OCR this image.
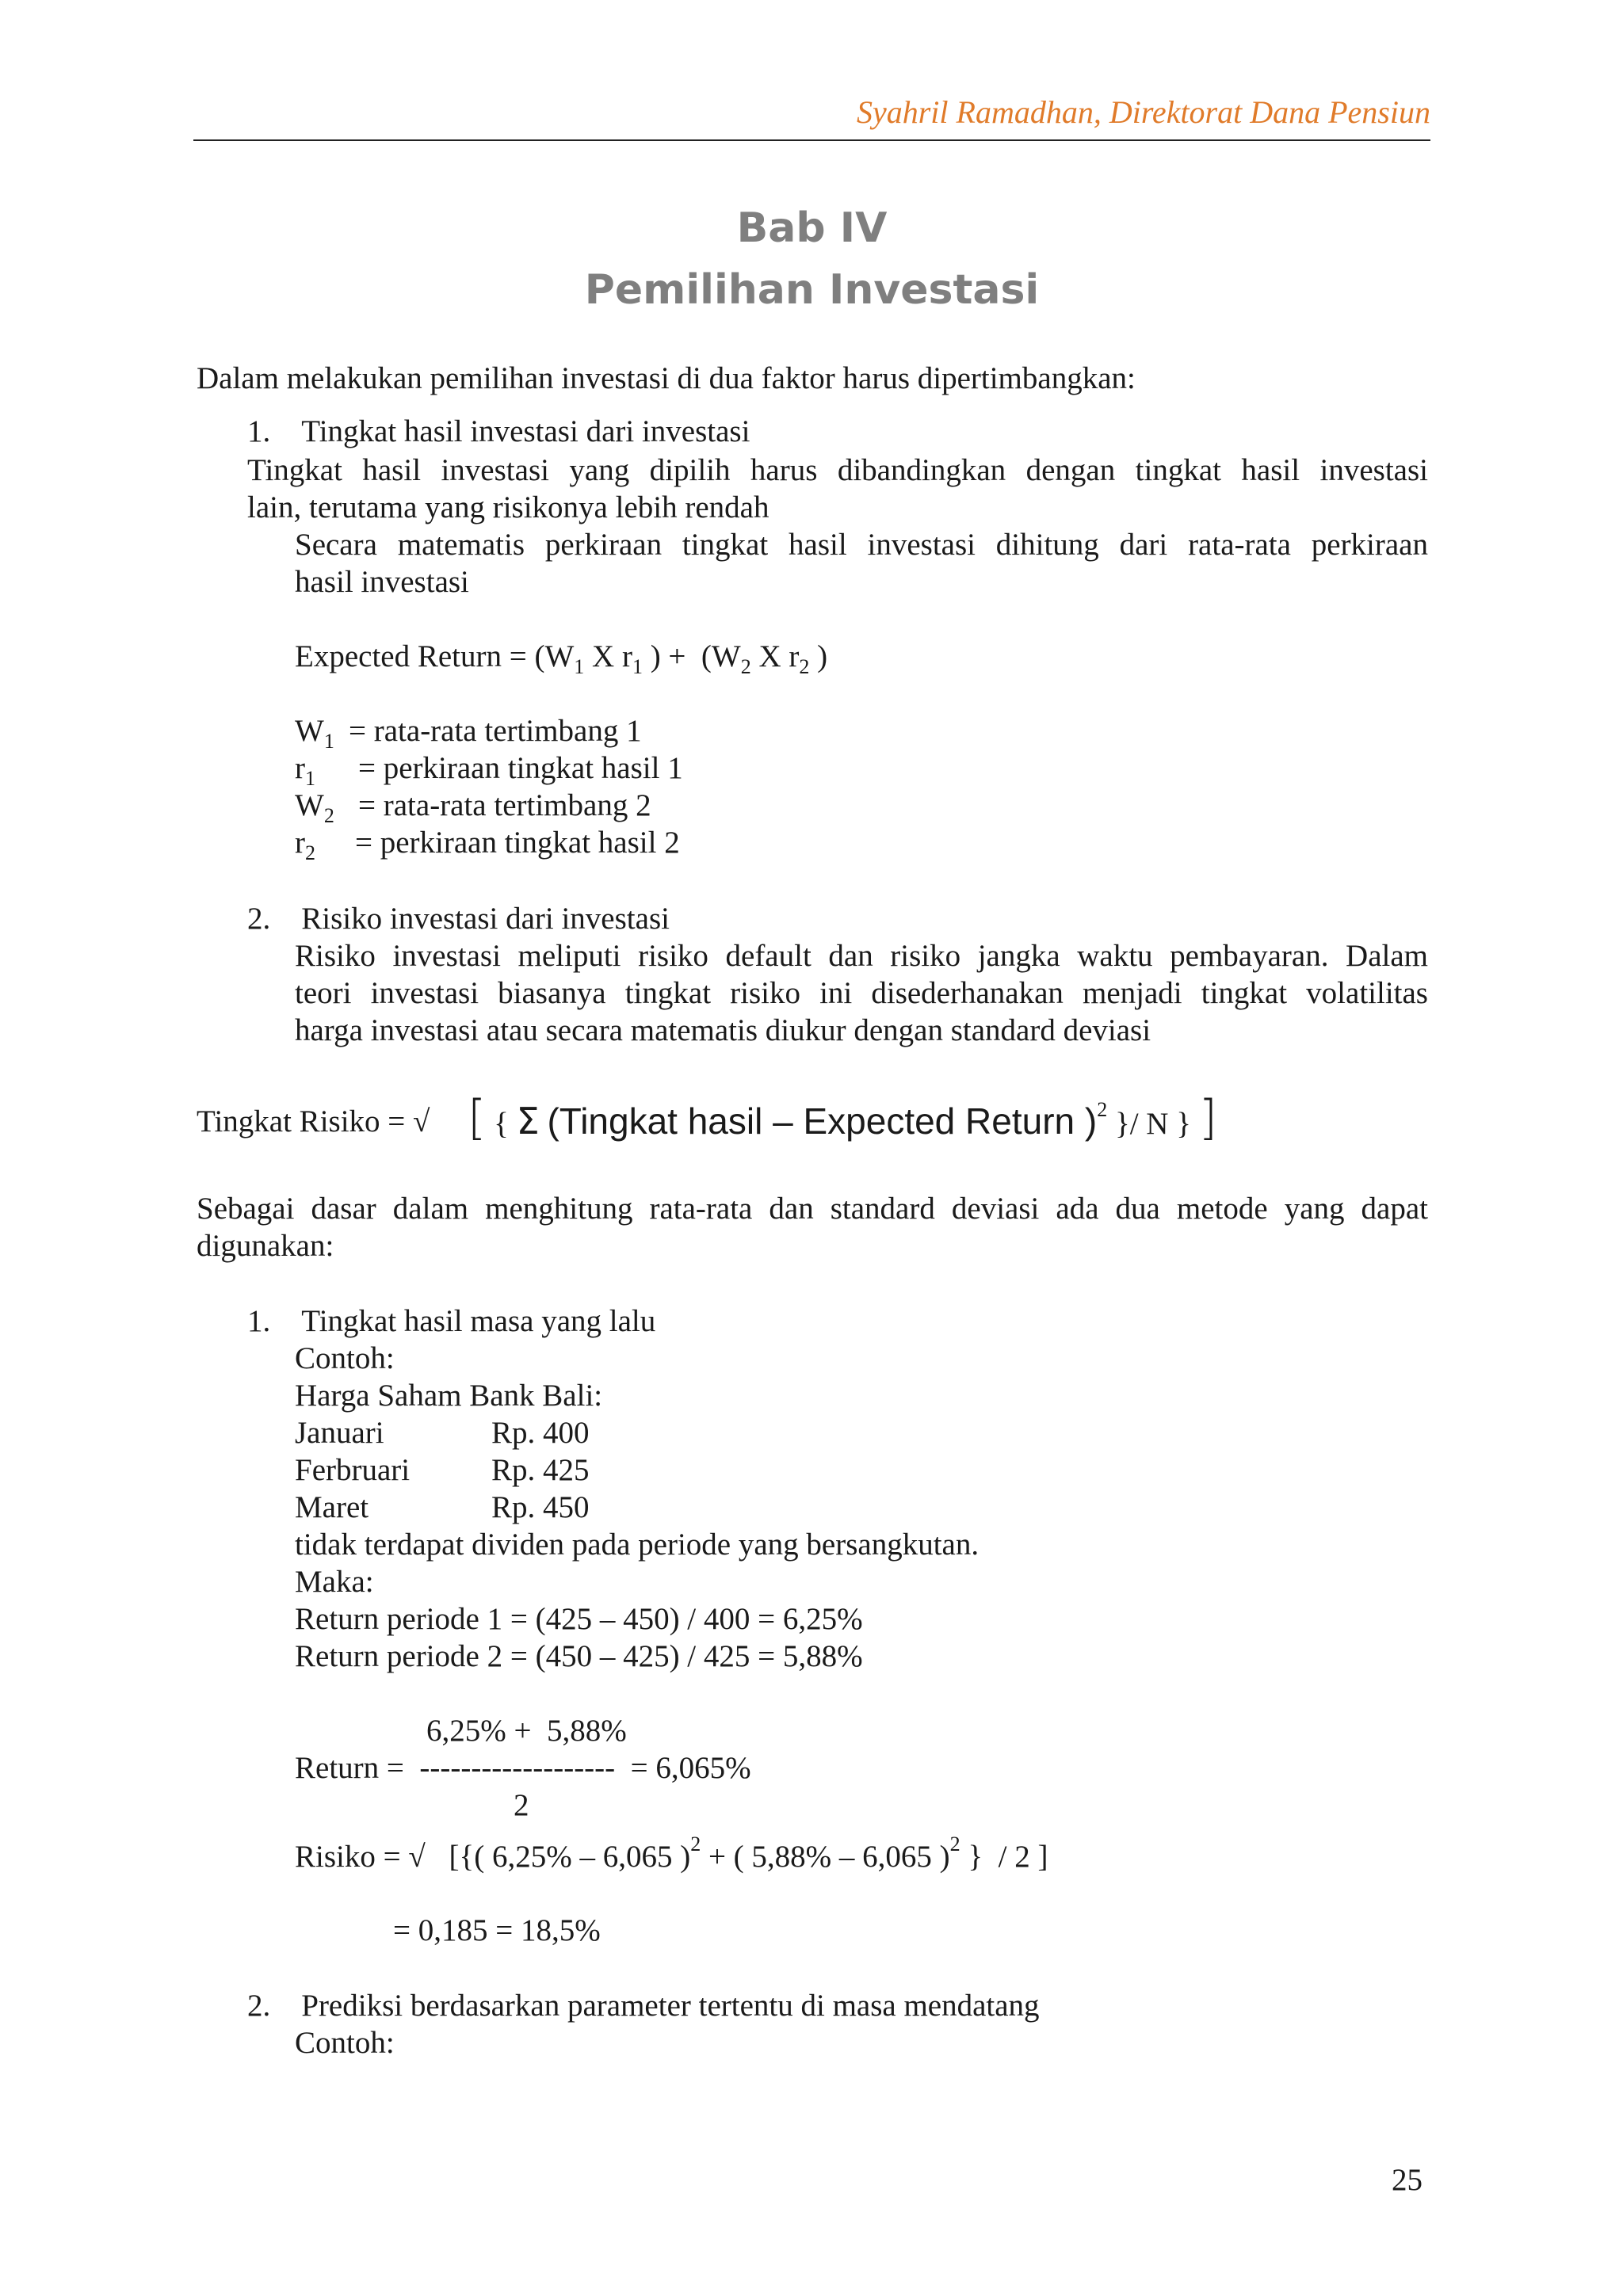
Syahril Ramadhan, Direktorat Dana Pensiun
Bab IV
Pemilihan Investasi
Dalam melakukan pemilihan investasi di dua faktor harus dipertimbangkan:
1. Tingkat hasil investasi dari investasi
Tingkat hasil investasi yang dipilih harus dibandingkan dengan tingkat hasil investasi
lain, terutama yang risikonya lebih rendah
Secara matematis perkiraan tingkat hasil investasi dihitung dari rata-rata perkiraan
hasil investasi
Expected Return = ($W_1$ X $r_1$ ) +  ($W_2$ X $r_2$ )
$W_1$ = rata-rata tertimbang 1
$r_1$ = perkiraan tingkat hasil 1
$W_2$ = rata-rata tertimbang 2
$r_2$ = perkiraan tingkat hasil 2
2. Risiko investasi dari investasi
Risiko investasi meliputi risiko default dan risiko jangka waktu pembayaran. Dalam
teori investasi biasanya tingkat risiko ini disederhanakan menjadi tingkat volatilitas
harga investasi atau secara matematis diukur dengan standard deviasi
Tingkat Risiko = √ [ { Σ (Tingkat hasil – Expected Return )$^2$ }/ N } ]
Sebagai dasar dalam menghitung rata-rata dan standard deviasi ada dua metode yang dapat
digunakan:
1. Tingkat hasil masa yang lalu
Contoh:
Harga Saham Bank Bali:
Januari	Rp. 400
Ferbruari	Rp. 425
Maret	Rp. 450
tidak terdapat dividen pada periode yang bersangkutan.
Maka:
Return periode 1 = (425 – 450) / 400 = 6,25%
Return periode 2 = (450 – 425) / 425 = 5,88%
6,25% +  5,88%
Return =  -------------------  = 6,065%
2
Risiko = √ [{( 6,25% – 6,065 )$^2$ + ( 5,88% – 6,065 )$^2$ }  / 2 ]
= 0,185 = 18,5%
2. Prediksi berdasarkan parameter tertentu di masa mendatang
Contoh:
25
